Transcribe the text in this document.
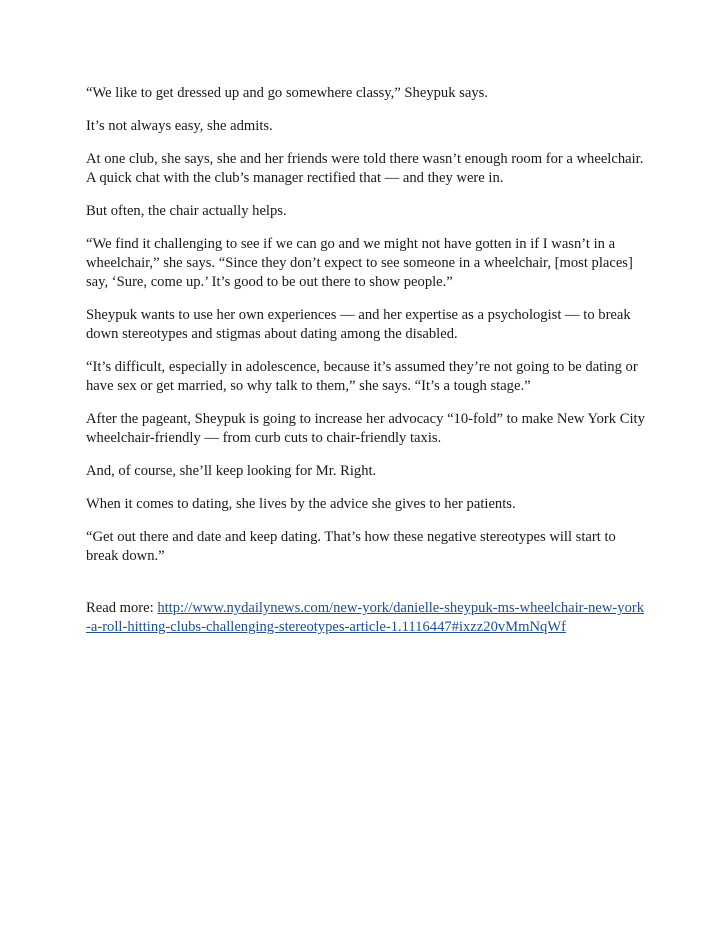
“We like to get dressed up and go somewhere classy,” Sheypuk says.

It’s not always easy, she admits.

At one club, she says, she and her friends were told there wasn’t enough room for a wheelchair. A quick chat with the club’s manager rectified that — and they were in.

But often, the chair actually helps.

“We find it challenging to see if we can go and we might not have gotten in if I wasn’t in a wheelchair,” she says. “Since they don’t expect to see someone in a wheelchair, [most places] say, ‘Sure, come up.’ It’s good to be out there to show people.”

Sheypuk wants to use her own experiences — and her expertise as a psychologist — to break down stereotypes and stigmas about dating among the disabled.

“It’s difficult, especially in adolescence, because it’s assumed they’re not going to be dating or have sex or get married, so why talk to them,” she says. “It’s a tough stage.”

After the pageant, Sheypuk is going to increase her advocacy “10-fold” to make New York City wheelchair-friendly — from curb cuts to chair-friendly taxis.

And, of course, she’ll keep looking for Mr. Right.

When it comes to dating, she lives by the advice she gives to her patients.

“Get out there and date and keep dating. That’s how these negative stereotypes will start to break down.”

Read more: http://www.nydailynews.com/new-york/danielle-sheypuk-ms-wheelchair-new-york-a-roll-hitting-clubs-challenging-stereotypes-article-1.1116447#ixzz20vMmNqWf
